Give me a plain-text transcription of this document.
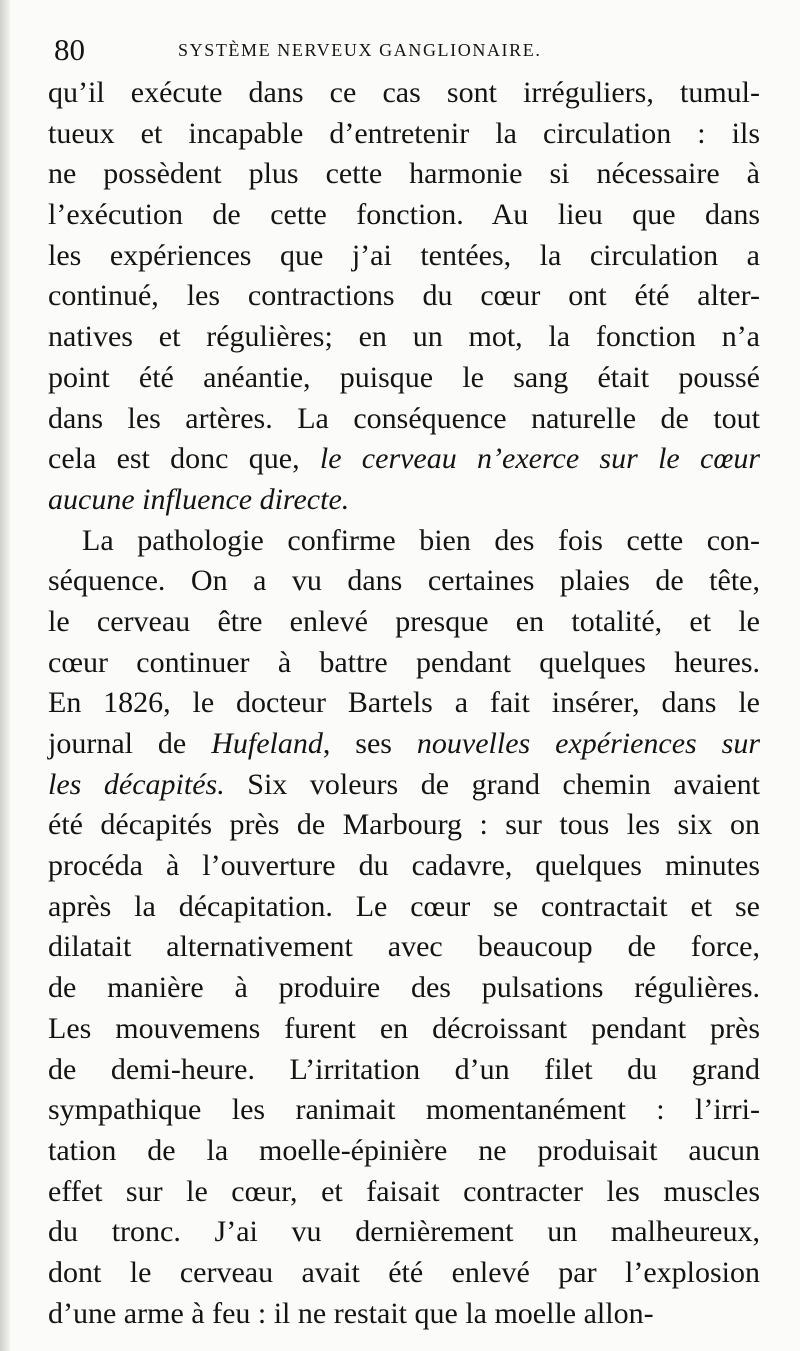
80	SYSTÈME NERVEUX GANGLIONAIRE.
qu’il exécute dans ce cas sont irréguliers, tumul-
tueux et incapable d’entretenir la circulation : ils
ne possèdent plus cette harmonie si nécessaire à
l’exécution de cette fonction. Au lieu que dans
les expériences que j’ai tentées, la circulation a
continué, les contractions du cœur ont été alter-
natives et régulières; en un mot, la fonction n’a
point été anéantie, puisque le sang était poussé
dans les artères. La conséquence naturelle de tout
cela est donc que, le cerveau n’exerce sur le cœur
aucune influence directe.
La pathologie confirme bien des fois cette con-
séquence. On a vu dans certaines plaies de tête,
le cerveau être enlevé presque en totalité, et le
cœur continuer à battre pendant quelques heures.
En 1826, le docteur Bartels a fait insérer, dans le
journal de Hufeland, ses nouvelles expériences sur
les décapités. Six voleurs de grand chemin avaient
été décapités près de Marbourg : sur tous les six on
procéda à l’ouverture du cadavre, quelques minutes
après la décapitation. Le cœur se contractait et se
dilatait alternativement avec beaucoup de force,
de manière à produire des pulsations régulières.
Les mouvemens furent en décroissant pendant près
de demi-heure. L’irritation d’un filet du grand
sympathique les ranimait momentanément : l’irri-
tation de la moelle-épinière ne produisait aucun
effet sur le cœur, et faisait contracter les muscles
du tronc. J’ai vu dernièrement un malheureux,
dont le cerveau avait été enlevé par l’explosion
d’une arme à feu : il ne restait que la moelle allon-
